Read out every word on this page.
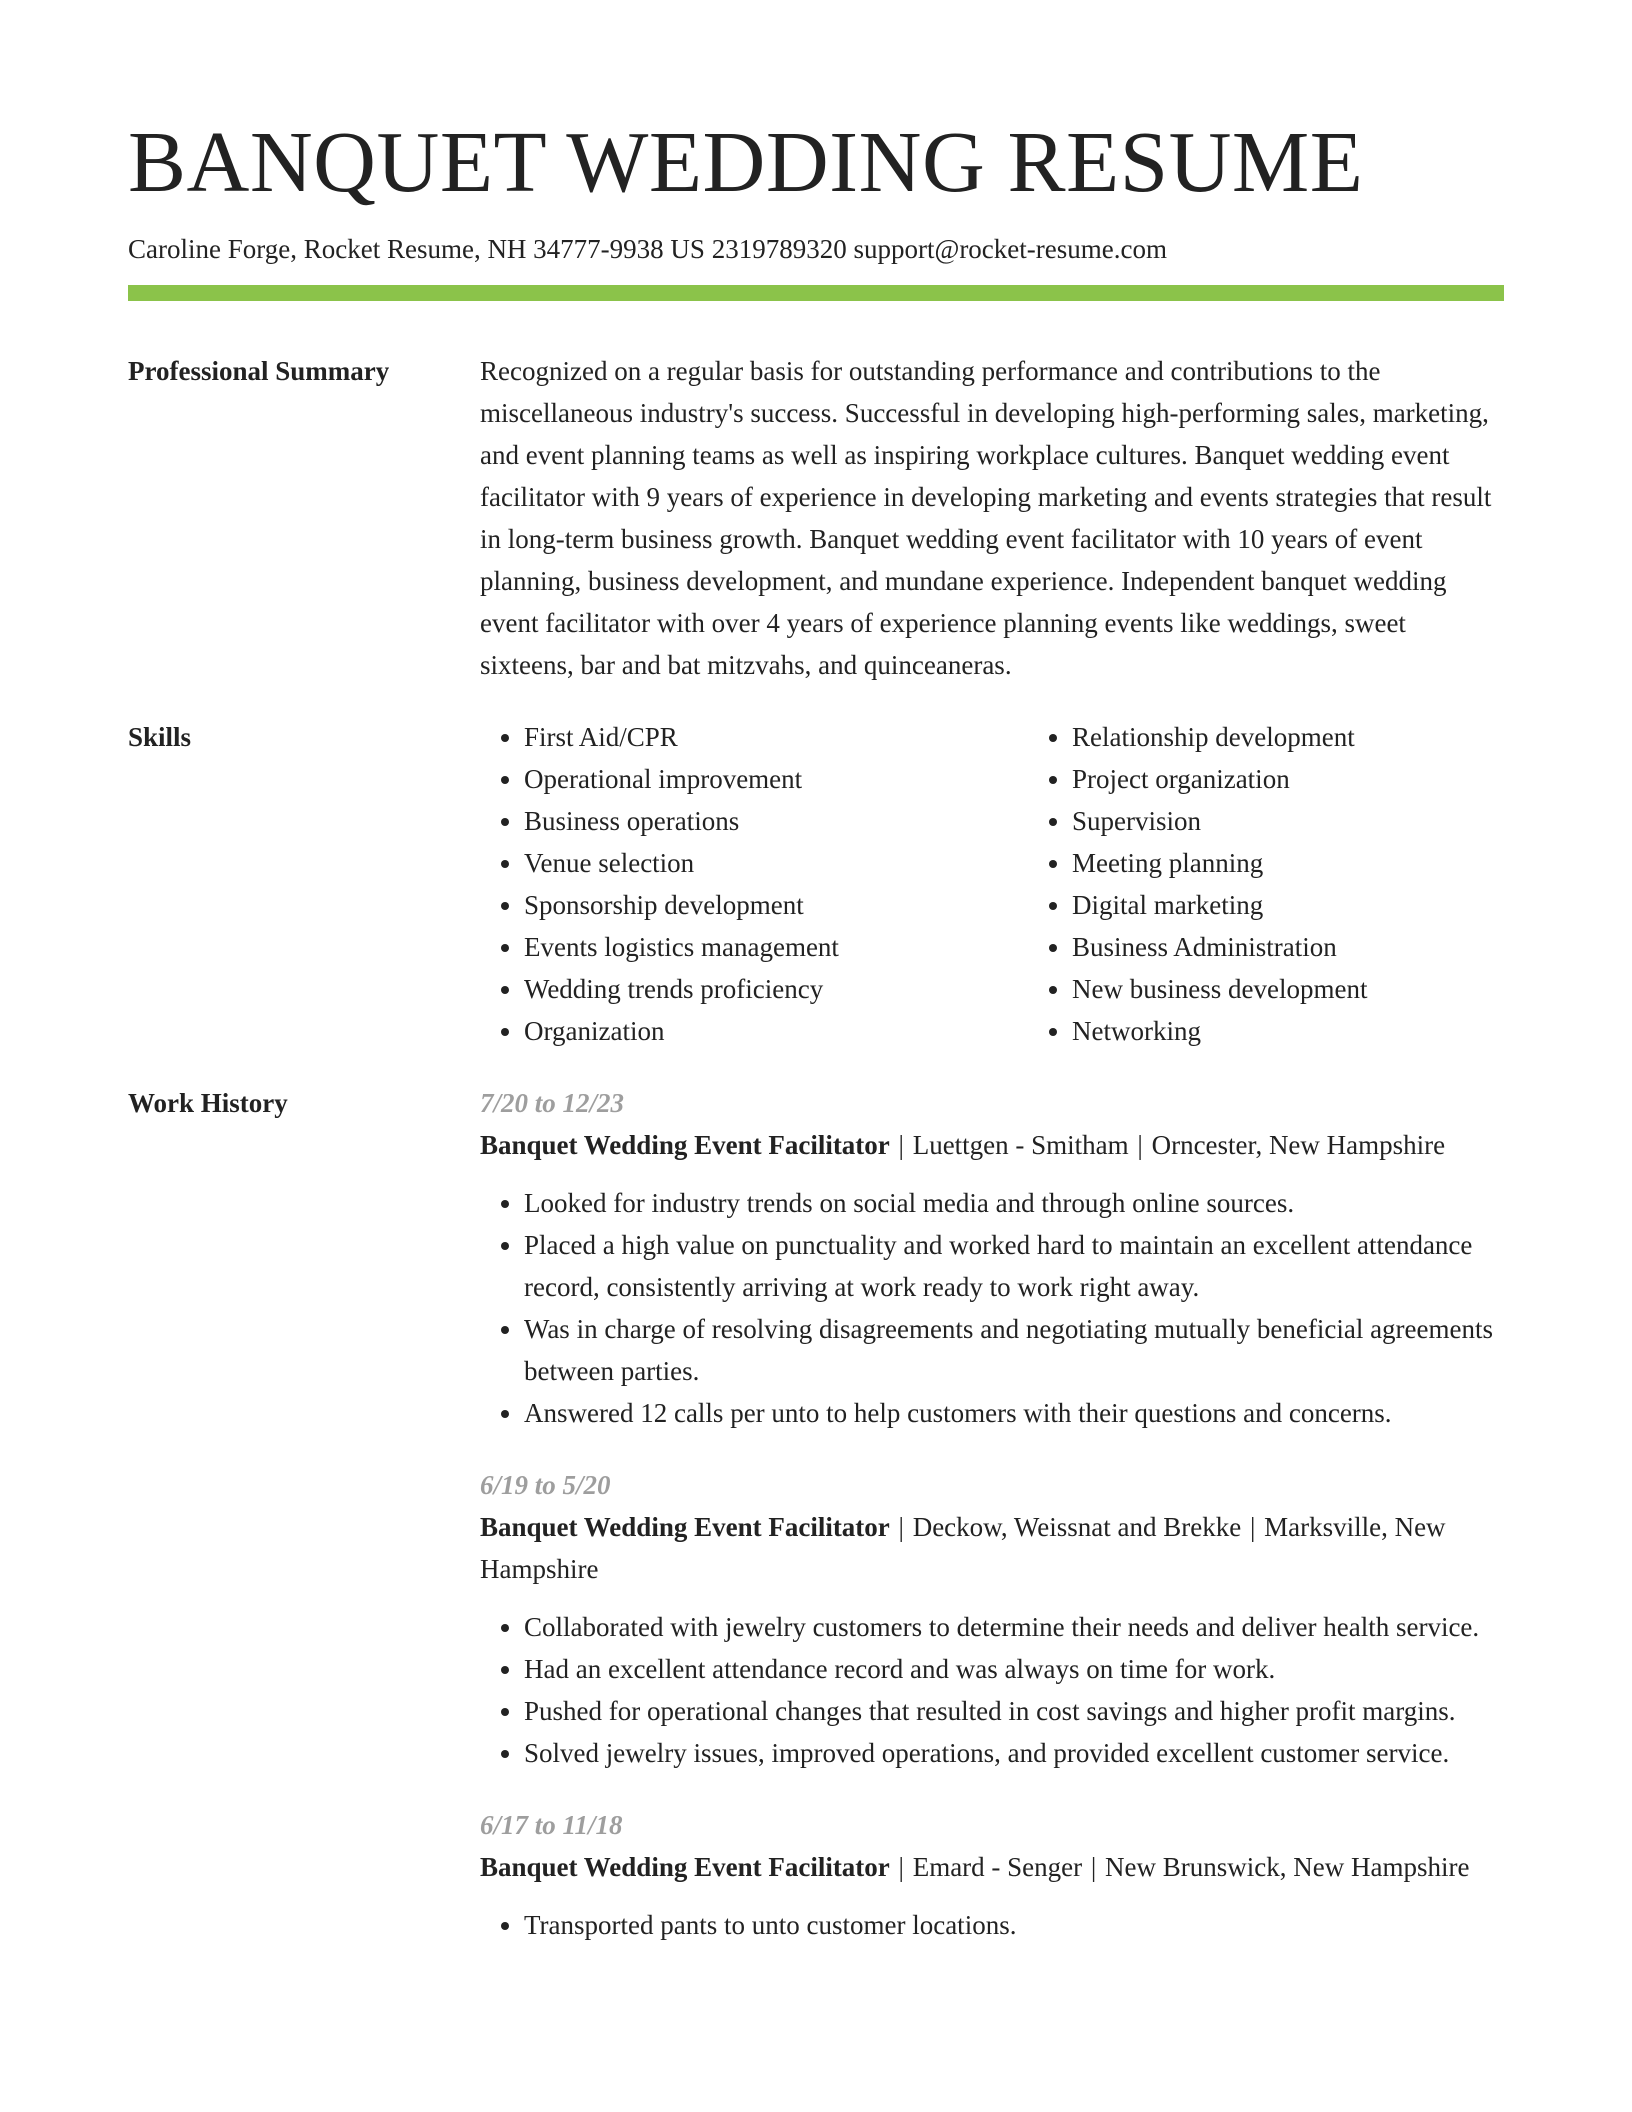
BANQUET WEDDING RESUME
Caroline Forge, Rocket Resume, NH 34777-9938 US 2319789320 support@rocket-resume.com
Professional Summary	Recognized on a regular basis for outstanding performance and contributions to the miscellaneous industry's success. Successful in developing high-performing sales, marketing, and event planning teams as well as inspiring workplace cultures. Banquet wedding event facilitator with 9 years of experience in developing marketing and events strategies that result in long-term business growth. Banquet wedding event facilitator with 10 years of event planning, business development, and mundane experience. Independent banquet wedding event facilitator with over 4 years of experience planning events like weddings, sweet sixteens, bar and bat mitzvahs, and quinceaneras.

Skills
•	First Aid/CPR
• Operational improvement
• Business operations
• Venue selection
• Sponsorship development
• Events logistics management
• Wedding trends proficiency
• Organization
• Relationship development
• Project organization
• Supervision
• Meeting planning
• Digital marketing
• Business Administration
• New business development
• Networking
Work History	7/20 to 12/23

Banquet Wedding Event Facilitator | Luettgen - Smitham | Orncester, New Hampshire

• Looked for industry trends on social media and through online sources.
• Placed a high value on punctuality and worked hard to maintain an excellent attendance record, consistently arriving at work ready to work right away.
• Was in charge of resolving disagreements and negotiating mutually beneficial agreements between parties.
• Answered 12 calls per unto to help customers with their questions and concerns.
6/19 to 5/20

Banquet Wedding Event Facilitator | Deckow, Weissnat and Brekke | Marksville, New Hampshire

• Collaborated with jewelry customers to determine their needs and deliver health service.
• Had an excellent attendance record and was always on time for work.
• Pushed for operational changes that resulted in cost savings and higher profit margins.
• Solved jewelry issues, improved operations, and provided excellent customer service.
6/17 to 11/18

Banquet Wedding Event Facilitator | Emard - Senger | New Brunswick, New Hampshire

• Transported pants to unto customer locations.
